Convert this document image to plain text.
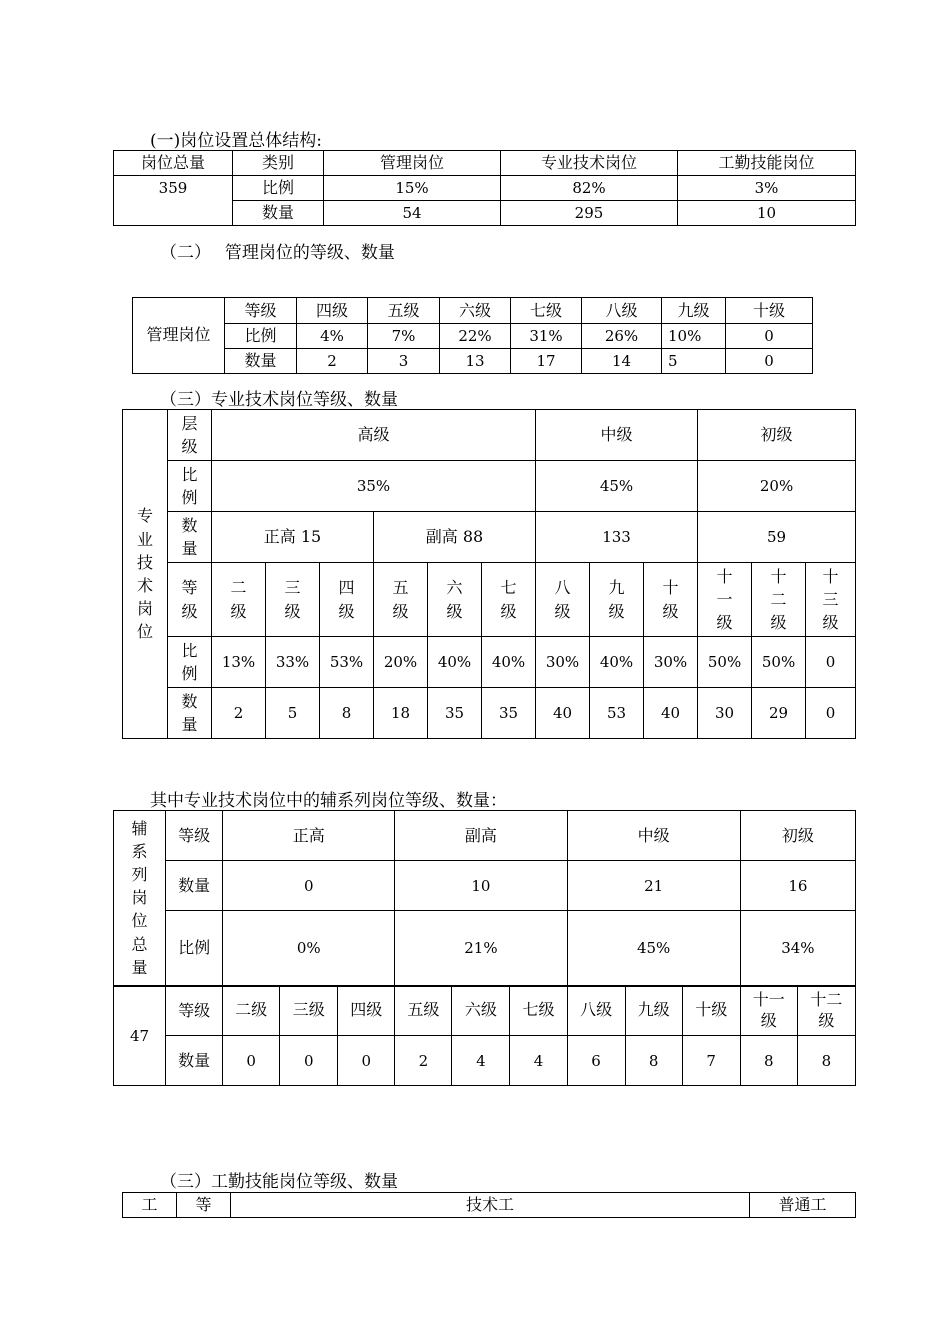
(一)岗位设置总体结构:
岗位总量	类别	管理岗位	专业技术岗位	工勤技能岗位
359	比例	15%	82%	3%
	数量	54	295	10
（二）　 管理岗位的等级、数量
管理岗位	等级	四级	五级	六级	七级	八级	九级	十级
	比例	4%	7%	22%	31%	26%	10%	0
	数量	2	3	13	17	14	5	0
（三）专业技术岗位等级、数量
专业技术岗位	层级	高级						中级			初级		
	比例	35%						45%			20%		
	数量	正高 15			副高 88			133			59		
	等级	二级	三级	四级	五级	六级	七级	八级	九级	十级	十一级	十二级	十三级
	比例	13%	33%	53%	20%	40%	40%	30%	40%	30%	50%	50%	0
	数量	2	5	8	18	35	35	40	53	40	30	29	0
其中专业技术岗位中的辅系列岗位等级、数量：
辅系列岗位总量	等级	正高			副高			中级			初级	
	数量	0			10			21			16	
	比例	0%			21%			45%			34%	
47	等级	二级	三级	四级	五级	六级	七级	八级	九级	十级	十一级	十二级
	数量	0	0	0	2	4	4	6	8	7	8	8
（三）工勤技能岗位等级、数量
工	等	技术工	普通工
